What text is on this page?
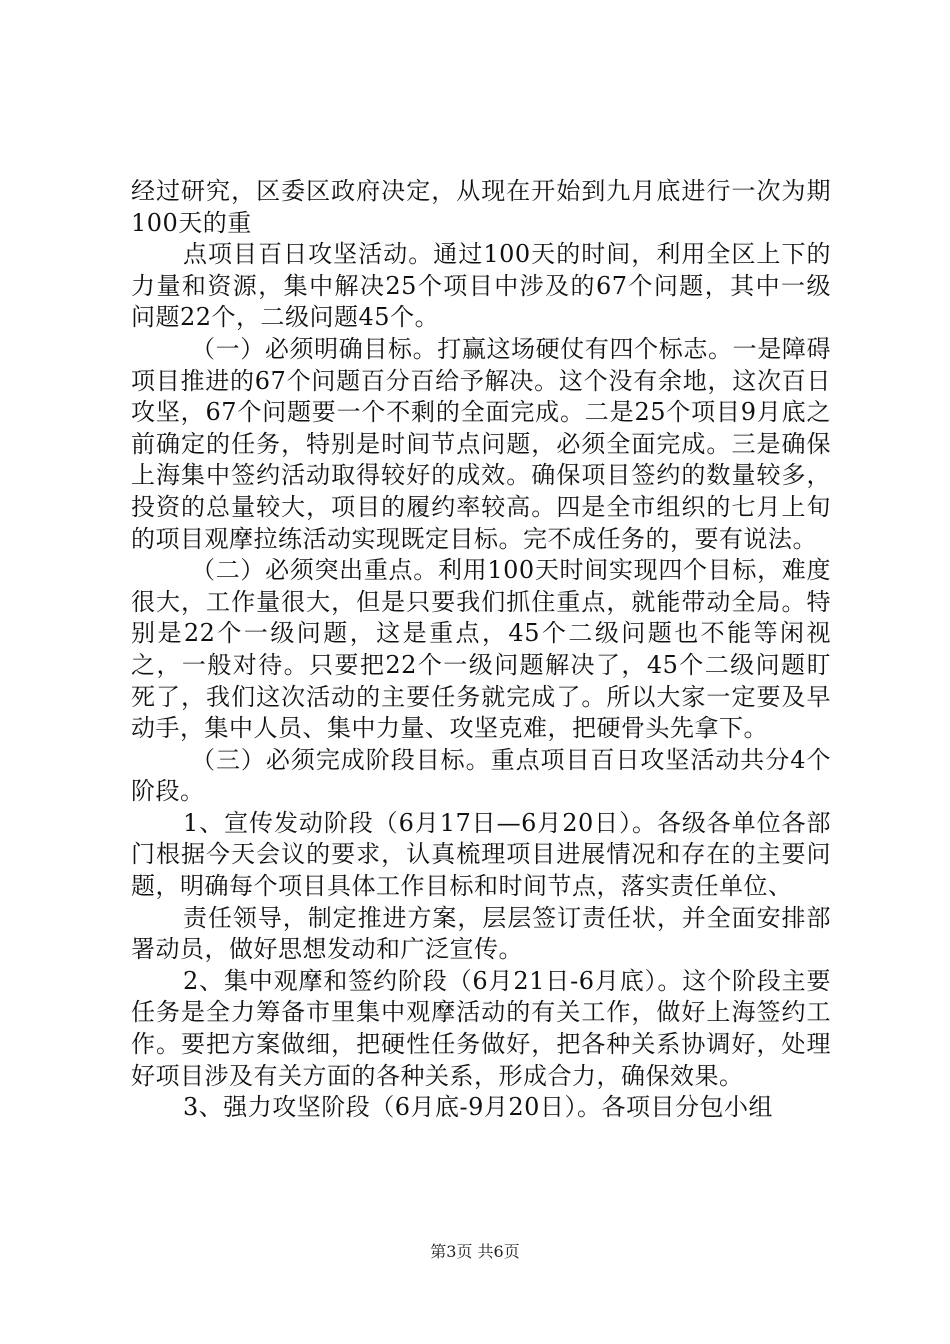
经过研究，区委区政府决定，从现在开始到九月底进行一次为期100天的重

点项目百日攻坚活动。通过100天的时间，利用全区上下的力量和资源，集中解决25个项目中涉及的67个问题，其中一级问题22个，二级问题45个。

（一）必须明确目标。打赢这场硬仗有四个标志。一是障碍项目推进的67个问题百分百给予解决。这个没有余地，这次百日攻坚，67个问题要一个不剩的全面完成。二是25个项目9月底之前确定的任务，特别是时间节点问题，必须全面完成。三是确保上海集中签约活动取得较好的成效。确保项目签约的数量较多，投资的总量较大，项目的履约率较高。四是全市组织的七月上旬的项目观摩拉练活动实现既定目标。完不成任务的，要有说法。

（二）必须突出重点。利用100天时间实现四个目标，难度很大，工作量很大，但是只要我们抓住重点，就能带动全局。特别是22个一级问题，这是重点，45个二级问题也不能等闲视之，一般对待。只要把22个一级问题解决了，45个二级问题盯死了，我们这次活动的主要任务就完成了。所以大家一定要及早动手，集中人员、集中力量、攻坚克难，把硬骨头先拿下。

（三）必须完成阶段目标。重点项目百日攻坚活动共分4个阶段。

1、宣传发动阶段（6月17日—6月20日）。各级各单位各部门根据今天会议的要求，认真梳理项目进展情况和存在的主要问题，明确每个项目具体工作目标和时间节点，落实责任单位、

责任领导，制定推进方案，层层签订责任状，并全面安排部署动员，做好思想发动和广泛宣传。

2、集中观摩和签约阶段（6月21日-6月底）。这个阶段主要任务是全力筹备市里集中观摩活动的有关工作，做好上海签约工作。要把方案做细，把硬性任务做好，把各种关系协调好，处理好项目涉及有关方面的各种关系，形成合力，确保效果。

3、强力攻坚阶段（6月底-9月20日）。各项目分包小组

第3页 共6页
